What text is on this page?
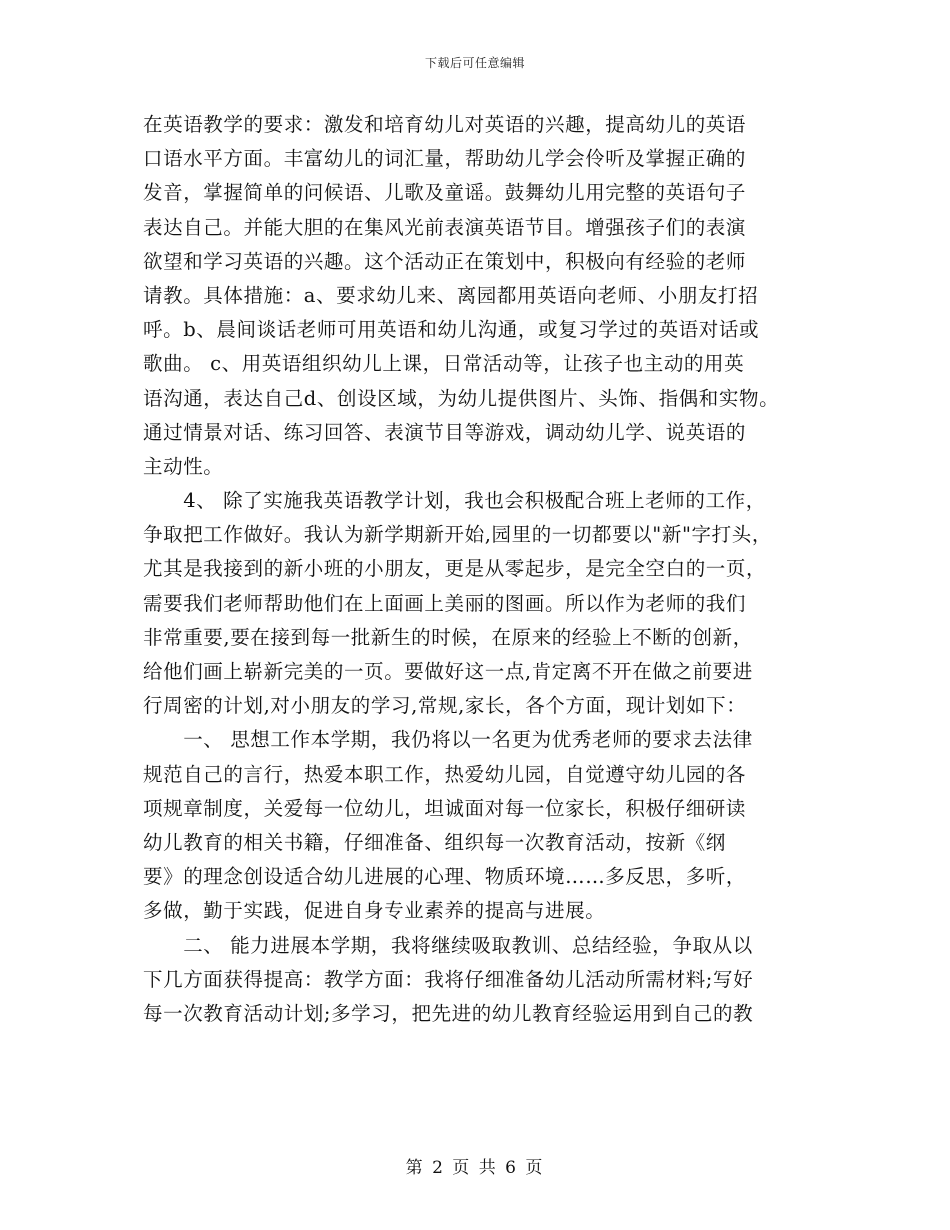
下载后可任意编辑
在英语教学的要求：激发和培育幼儿对英语的兴趣，提高幼儿的英语
口语水平方面。丰富幼儿的词汇量，帮助幼儿学会伶听及掌握正确的
发音，掌握简单的问候语、儿歌及童谣。鼓舞幼儿用完整的英语句子
表达自己。并能大胆的在集风光前表演英语节目。增强孩子们的表演
欲望和学习英语的兴趣。这个活动正在策划中，积极向有经验的老师
请教。具体措施：a、要求幼儿来、离园都用英语向老师、小朋友打招
呼。b、晨间谈话老师可用英语和幼儿沟通，或复习学过的英语对话或
歌曲。 c、用英语组织幼儿上课，日常活动等，让孩子也主动的用英
语沟通，表达自己d、创设区域，为幼儿提供图片、头饰、指偶和实物。
通过情景对话、练习回答、表演节目等游戏，调动幼儿学、说英语的
主动性。
　　4、 除了实施我英语教学计划，我也会积极配合班上老师的工作，
争取把工作做好。我认为新学期新开始,园里的一切都要以"新"字打头，
尤其是我接到的新小班的小朋友，更是从零起步，是完全空白的一页，
需要我们老师帮助他们在上面画上美丽的图画。所以作为老师的我们
非常重要,要在接到每一批新生的时候，在原来的经验上不断的创新，
给他们画上崭新完美的一页。要做好这一点,肯定离不开在做之前要进
行周密的计划,对小朋友的学习,常规,家长，各个方面，现计划如下：
　　一、 思想工作本学期，我仍将以一名更为优秀老师的要求去法律
规范自己的言行，热爱本职工作，热爱幼儿园，自觉遵守幼儿园的各
项规章制度，关爱每一位幼儿，坦诚面对每一位家长，积极仔细研读
幼儿教育的相关书籍，仔细准备、组织每一次教育活动，按新《纲
要》的理念创设适合幼儿进展的心理、物质环境……多反思，多听，
多做，勤于实践，促进自身专业素养的提高与进展。
　　二、 能力进展本学期，我将继续吸取教训、总结经验，争取从以
下几方面获得提高：教学方面：我将仔细准备幼儿活动所需材料;写好
每一次教育活动计划;多学习，把先进的幼儿教育经验运用到自己的教
第 2 页 共 6 页
